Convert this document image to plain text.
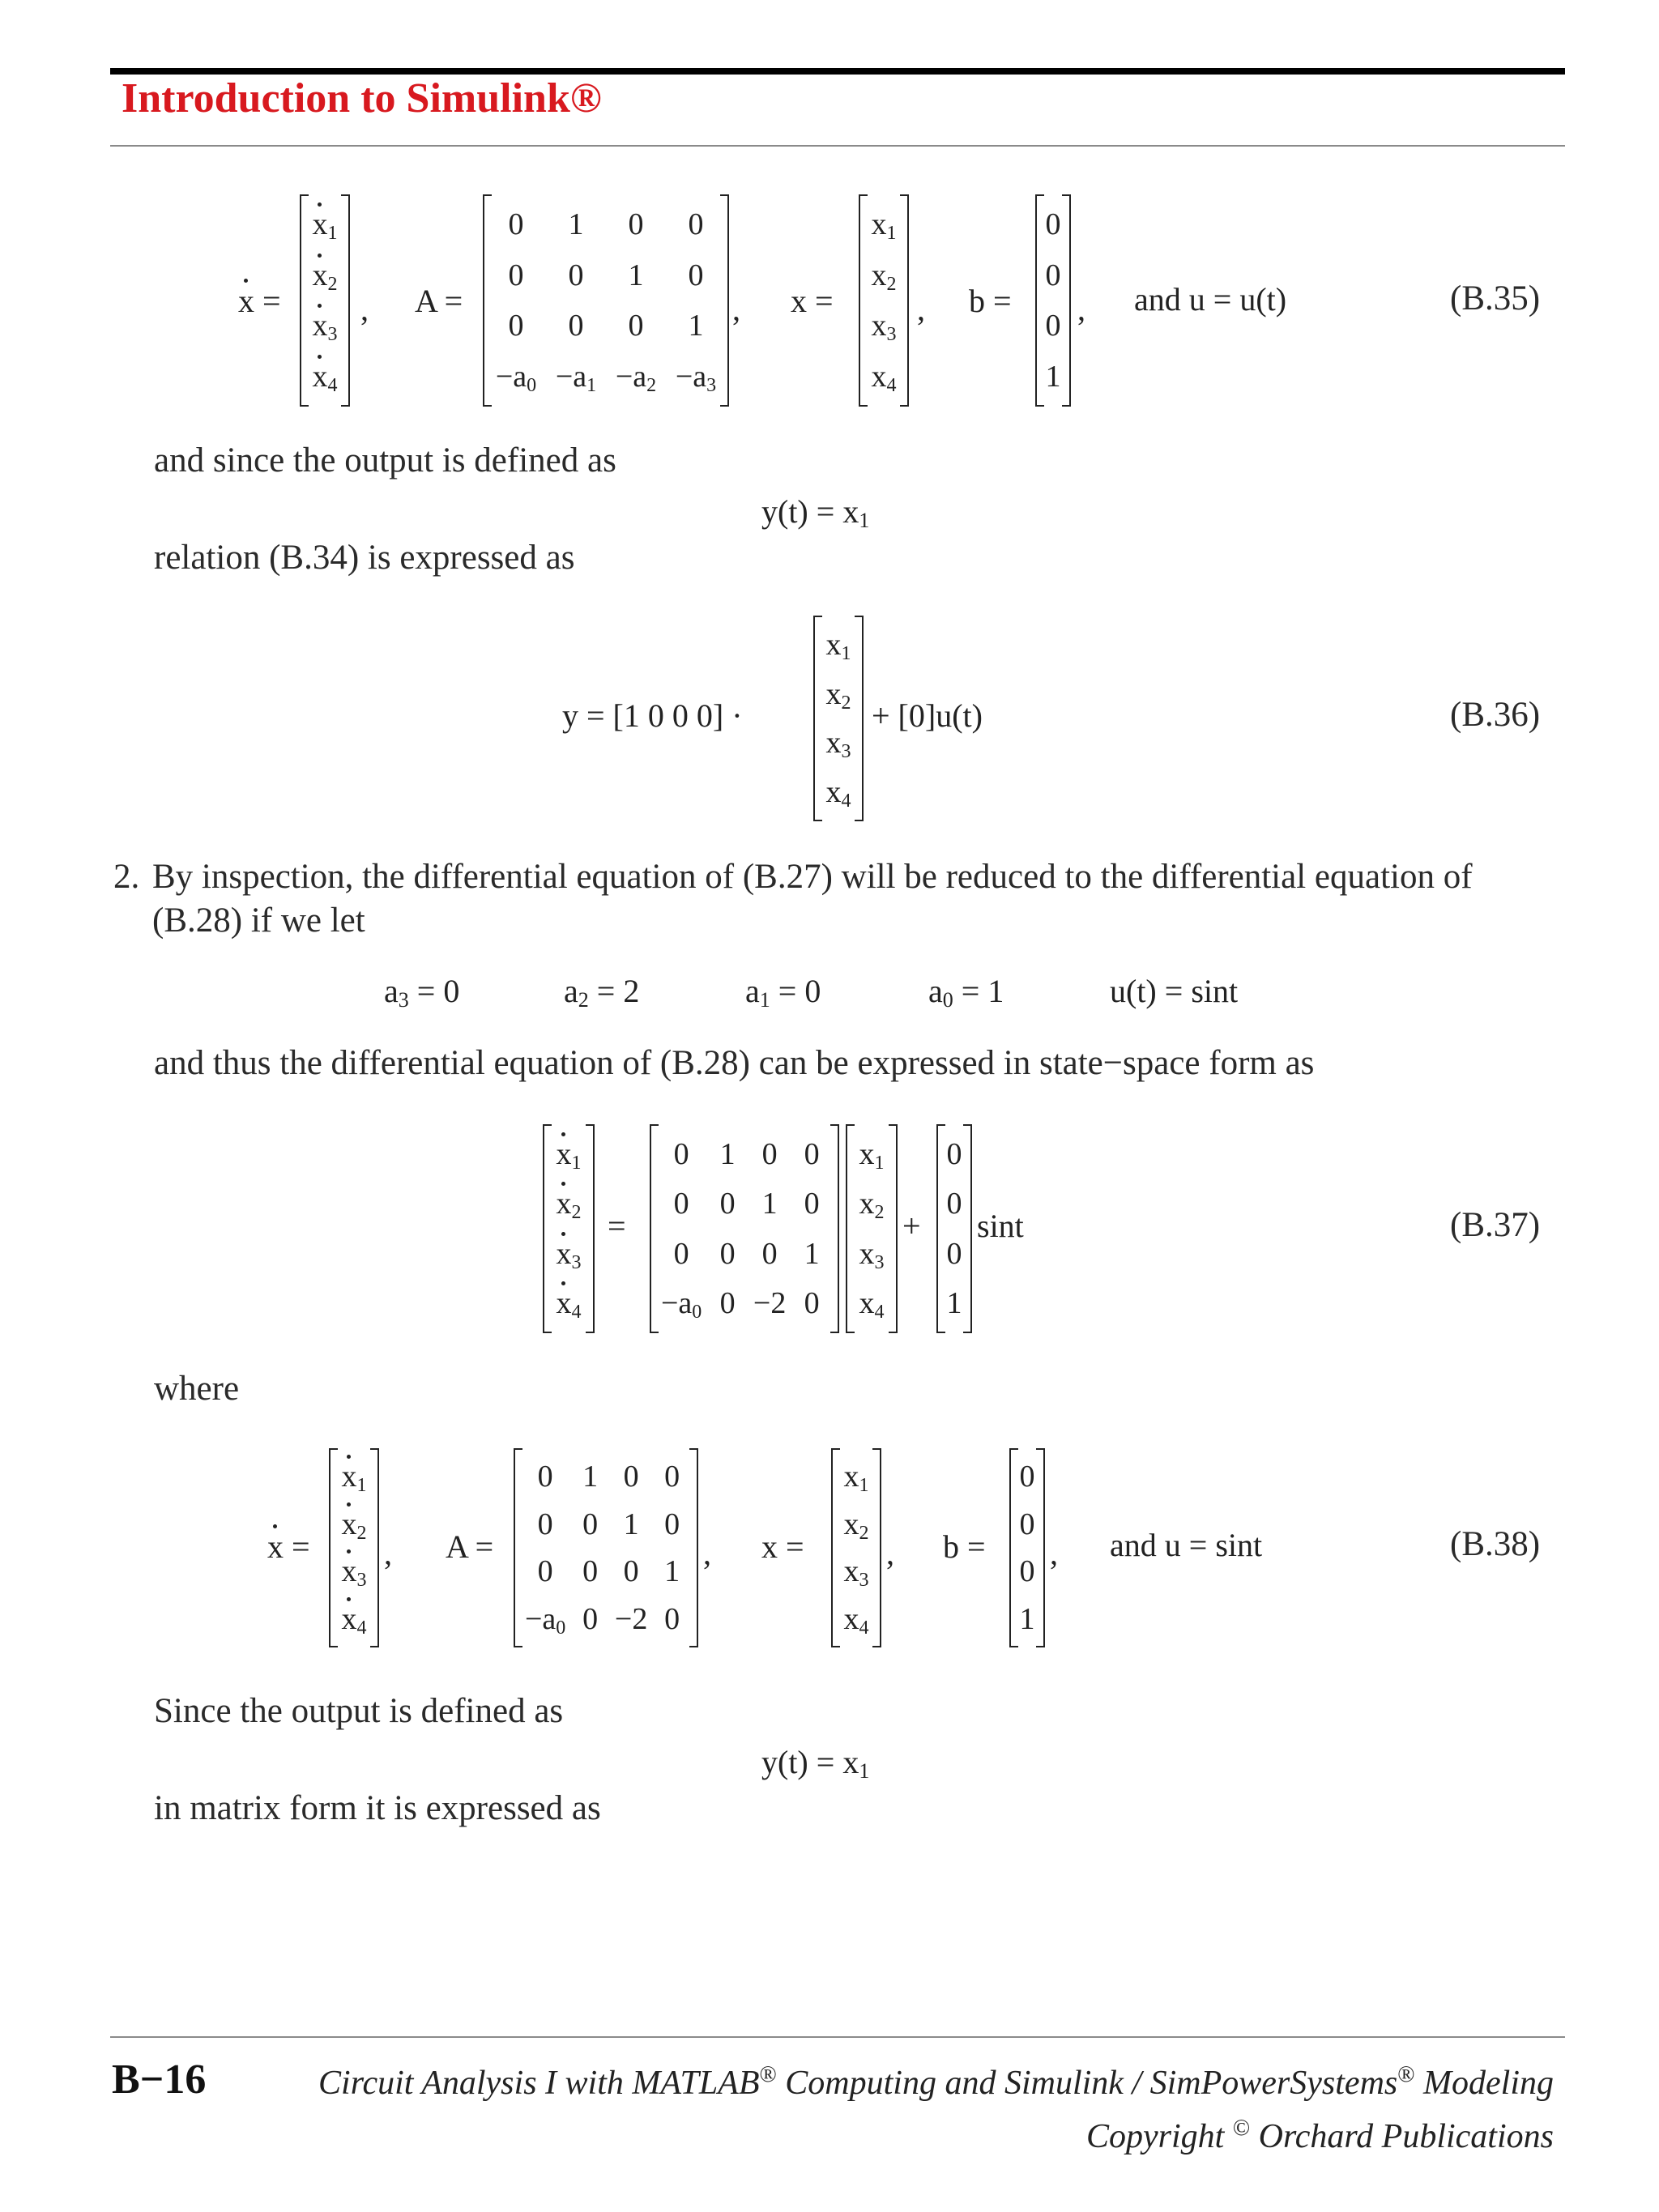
Introduction to Simulink®
x =
$x_1$
$x_2$
$x_3$
$x_4$
, A =
0	1	0	0
0	0	1	0
0	0	0	1
$-a_0 -a_1 -a_2 -a_3$
, x =
$x_1$
$x_2$
$x_3$
$x_4$
, b =
0
0
0
1
, and u = u(t)	(B.35)
and since the output is defined as
$y(t) = x_1$
relation (B.34) is expressed as
y = [1 0 0 0] ·
$x_1$
$x_2$
$x_3$
$x_4$
+ [0]u(t)	(B.36)
2. By inspection, the differential equation of (B.27) will be reduced to the differential equation of
(B.28) if we let
$a_3 = 0$	$a_2 = 2$	$a_1 = 0$	$a_0 = 1$	u(t) = sint
and thus the differential equation of (B.28) can be expressed in state−space form as
$x_1$
$x_2$
$x_3$
$x_4$
=
0 1 0 0
0 0 1 0
0 0 0 1
$-a_0$ 0 −2 0
$x_1$
$x_2$
$x_3$
$x_4$
+
0
0
0
1
sint	(B.37)
where
x =
$x_1$
$x_2$
$x_3$
$x_4$
, A =
0 1 0 0
0 0 1 0
0 0 0 1
$-a_0$ 0 −2 0
, x =
$x_1$
$x_2$
$x_3$
$x_4$
, b =
0
0
0
1
, and u = sint	(B.38)
Since the output is defined as
$y(t) = x_1$
in matrix form it is expressed as
B−16	Circuit Analysis I with MATLAB® Computing and Simulink / SimPowerSystems® Modeling
Copyright © Orchard Publications
